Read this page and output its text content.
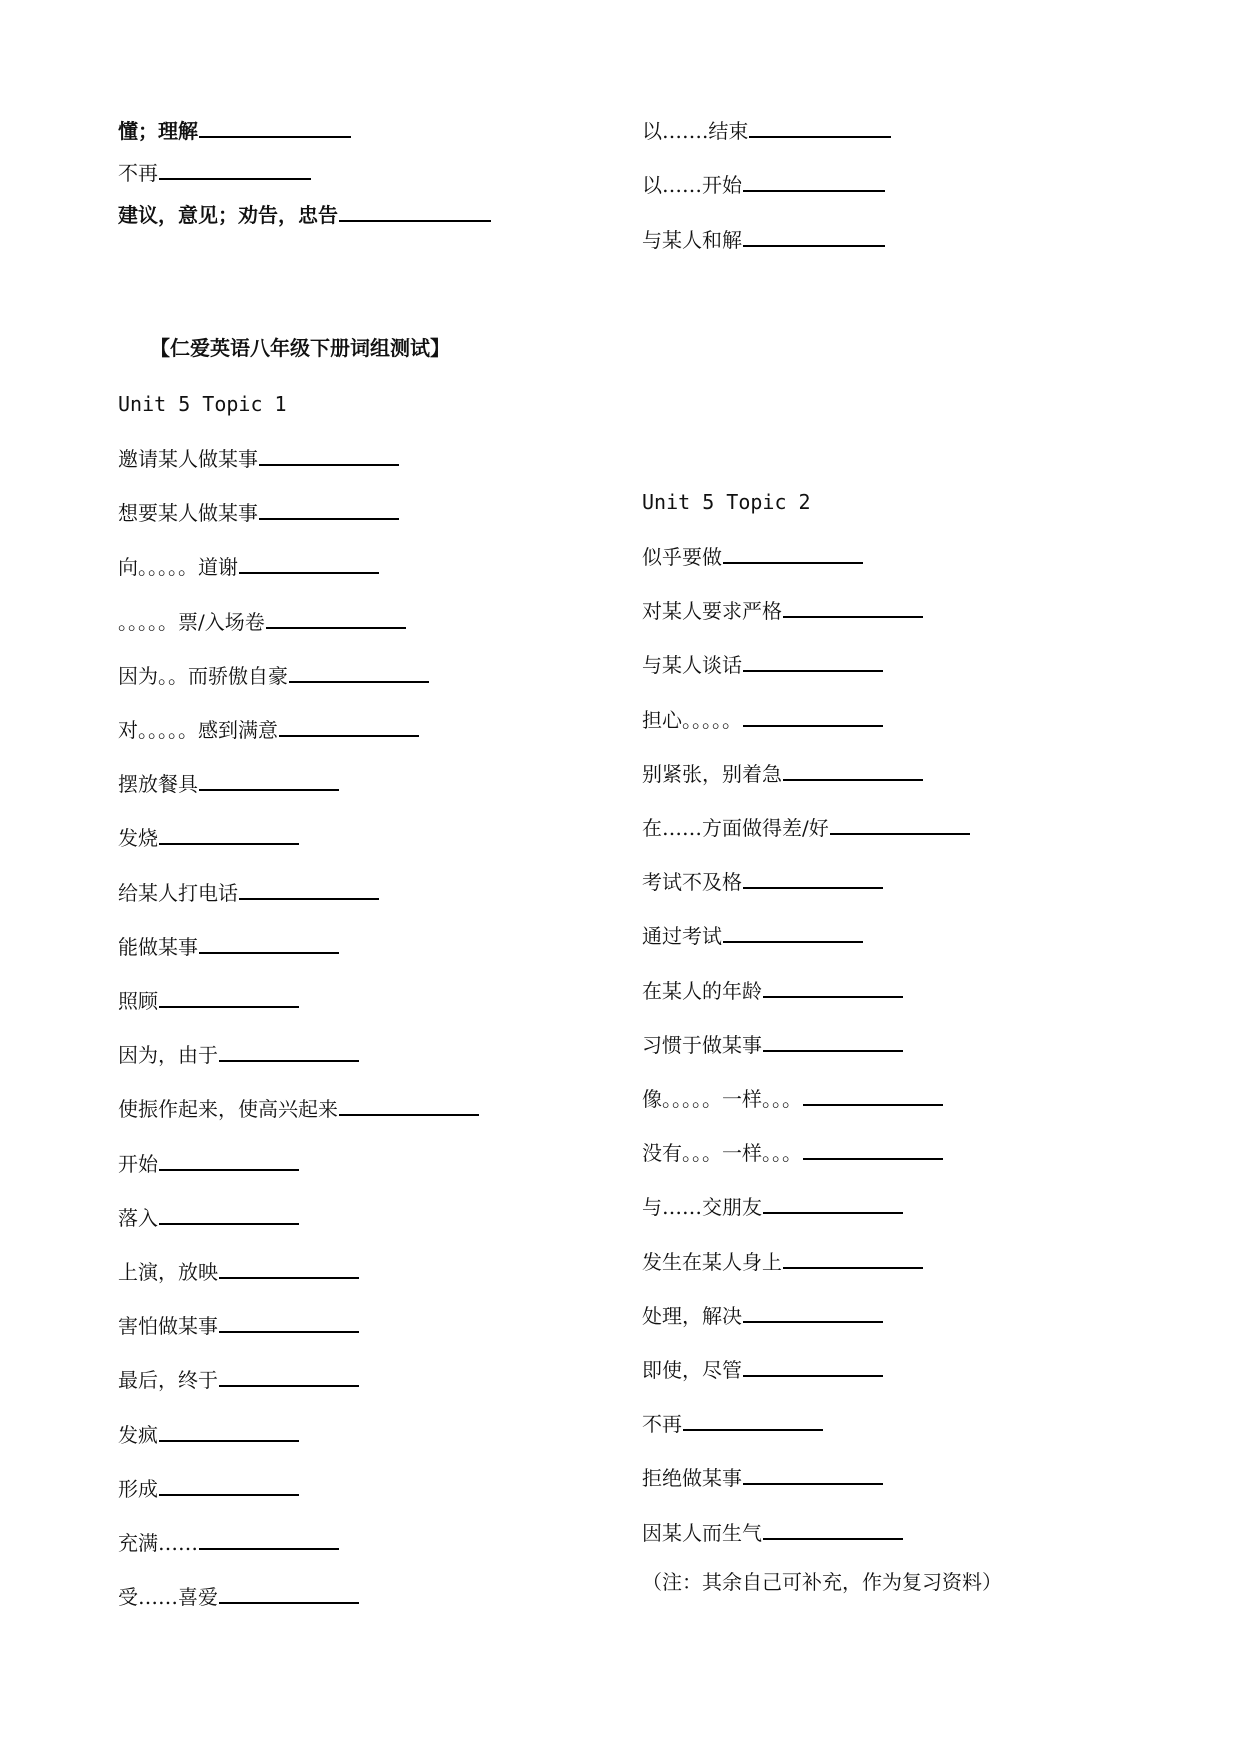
懂；理解
不再
建议，意见；劝告，忠告
以…….结束
以……开始
与某人和解
【仁爱英语八年级下册词组测试】
Unit 5 Topic 1
邀请某人做某事
想要某人做某事
向。。。。。道谢
。。。。。票/入场卷
因为。。而骄傲自豪
对。。。。。感到满意
摆放餐具
发烧
给某人打电话
能做某事
照顾
因为，由于
使振作起来，使高兴起来
开始
落入
上演，放映
害怕做某事
最后，终于
发疯
形成
充满……
受……喜爱
Unit 5 Topic 2
似乎要做
对某人要求严格
与某人谈话
担心。。。。。
别紧张，别着急
在……方面做得差/好
考试不及格
通过考试
在某人的年龄
习惯于做某事
像。。。。。一样。。。
没有。。。一样。。。
与……交朋友
发生在某人身上
处理，解决
即使，尽管
不再
拒绝做某事
因某人而生气
（注：其余自己可补充，作为复习资料）
